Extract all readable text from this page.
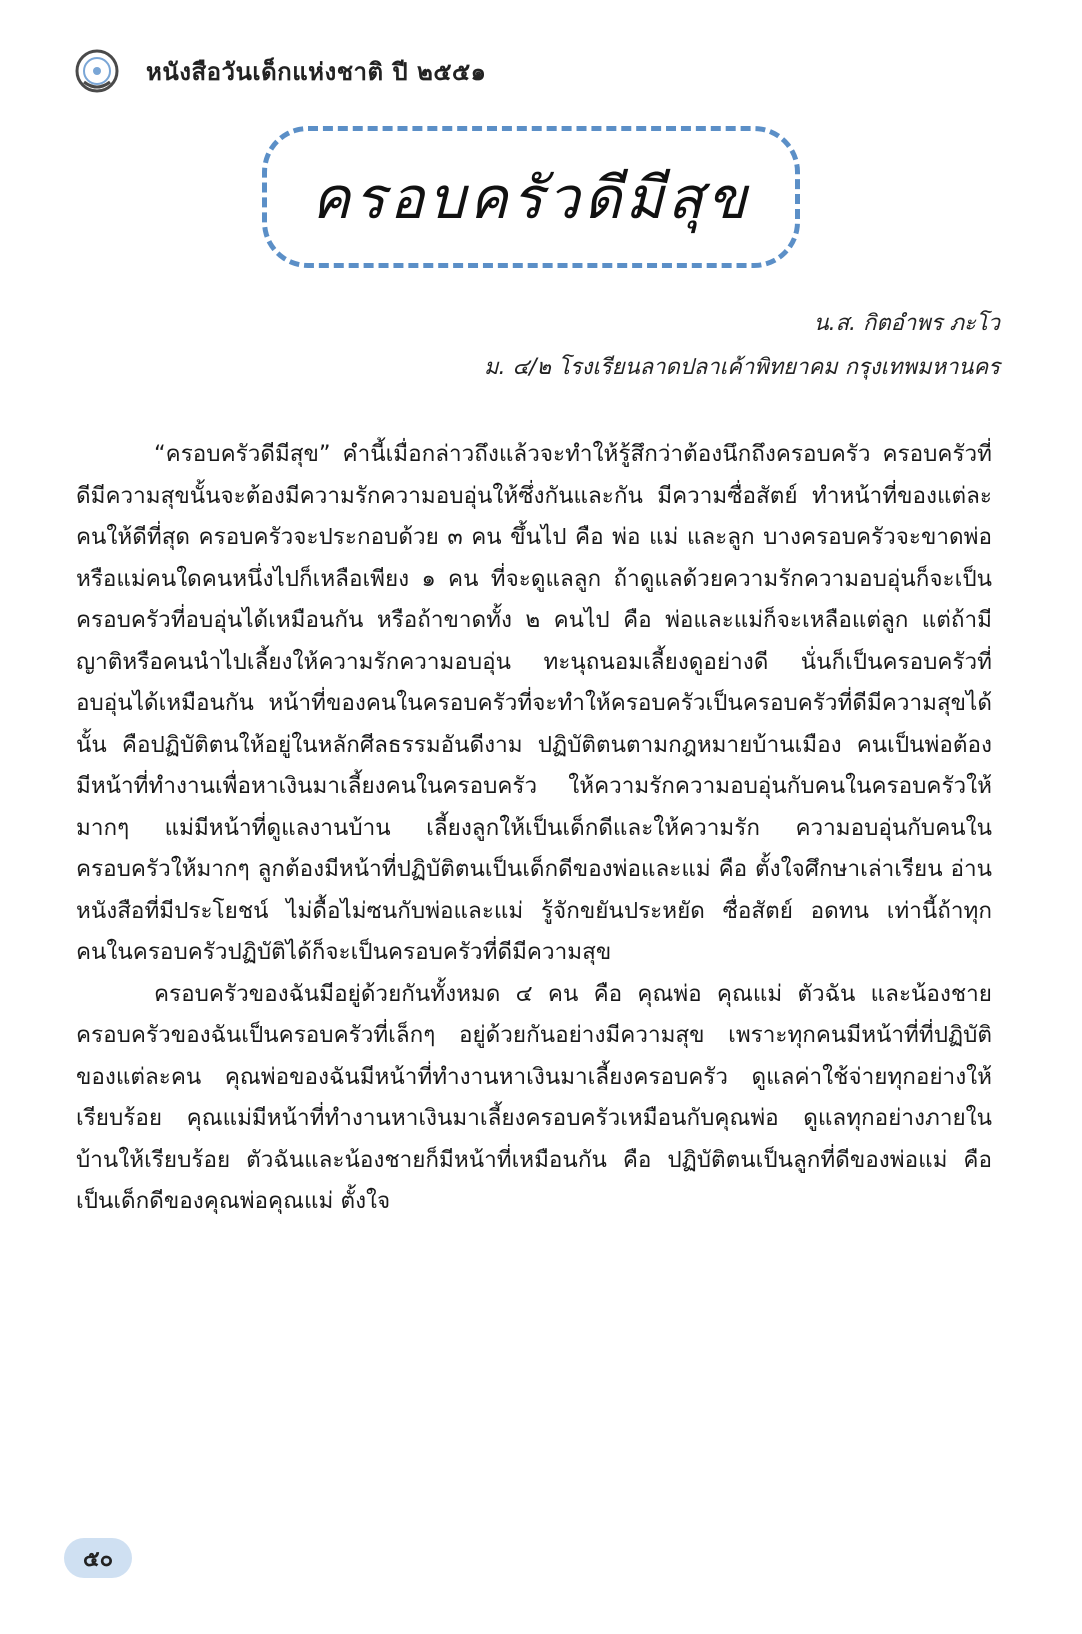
หนังสือวันเด็กแห่งชาติ ปี ๒๕๕๑
ครอบครัวดีมีสุข
น.ส. กิตอำพร ภะโว
ม. ๔/๒ โรงเรียนลาดปลาเค้าพิทยาคม กรุงเทพมหานคร

“ครอบครัวดีมีสุข” คำนี้เมื่อกล่าวถึงแล้วจะทำให้รู้สึกว่าต้องนึกถึงครอบครัว ครอบครัวที่ดีมีความสุขนั้นจะต้องมีความรักความอบอุ่นให้ซึ่งกันและกัน มีความซื่อสัตย์ ทำหน้าที่ของแต่ละคนให้ดีที่สุด ครอบครัวจะประกอบด้วย ๓ คน ขึ้นไป คือ พ่อ แม่ และลูก บางครอบครัวจะขาดพ่อหรือแม่คนใดคนหนึ่งไปก็เหลือเพียง ๑ คน ที่จะดูแลลูก ถ้าดูแลด้วยความรักความอบอุ่นก็จะเป็นครอบครัวที่อบอุ่นได้เหมือนกัน หรือถ้าขาดทั้ง ๒ คนไป คือ พ่อและแม่ก็จะเหลือแต่ลูก แต่ถ้ามีญาติหรือคนนำไปเลี้ยงให้ความรักความอบอุ่น ทะนุถนอมเลี้ยงดูอย่างดี นั่นก็เป็นครอบครัวที่อบอุ่นได้เหมือนกัน หน้าที่ของคนในครอบครัวที่จะทำให้ครอบครัวเป็นครอบครัวที่ดีมีความสุขได้นั้น คือปฏิบัติตนให้อยู่ในหลักศีลธรรมอันดีงาม ปฏิบัติตนตามกฎหมายบ้านเมือง คนเป็นพ่อต้องมีหน้าที่ทำงานเพื่อหาเงินมาเลี้ยงคนในครอบครัว ให้ความรักความอบอุ่นกับคนในครอบครัวให้มากๆ แม่มีหน้าที่ดูแลงานบ้าน เลี้ยงลูกให้เป็นเด็กดีและให้ความรัก ความอบอุ่นกับคนในครอบครัวให้มากๆ ลูกต้องมีหน้าที่ปฏิบัติตนเป็นเด็กดีของพ่อและแม่ คือ ตั้งใจศึกษาเล่าเรียน อ่านหนังสือที่มีประโยชน์ ไม่ดื้อไม่ซนกับพ่อและแม่ รู้จักขยันประหยัด ซื่อสัตย์ อดทน เท่านี้ถ้าทุกคนในครอบครัวปฏิบัติได้ก็จะเป็นครอบครัวที่ดีมีความสุข

ครอบครัวของฉันมีอยู่ด้วยกันทั้งหมด ๔ คน คือ คุณพ่อ คุณแม่ ตัวฉัน และน้องชาย ครอบครัวของฉันเป็นครอบครัวที่เล็กๆ อยู่ด้วยกันอย่างมีความสุข เพราะทุกคนมีหน้าที่ที่ปฏิบัติของแต่ละคน คุณพ่อของฉันมีหน้าที่ทำงานหาเงินมาเลี้ยงครอบครัว ดูแลค่าใช้จ่ายทุกอย่างให้เรียบร้อย คุณแม่มีหน้าที่ทำงานหาเงินมาเลี้ยงครอบครัวเหมือนกับคุณพ่อ ดูแลทุกอย่างภายในบ้านให้เรียบร้อย ตัวฉันและน้องชายก็มีหน้าที่เหมือนกัน คือ ปฏิบัติตนเป็นลูกที่ดีของพ่อแม่ คือ เป็นเด็กดีของคุณพ่อคุณแม่ ตั้งใจ

๕๐
